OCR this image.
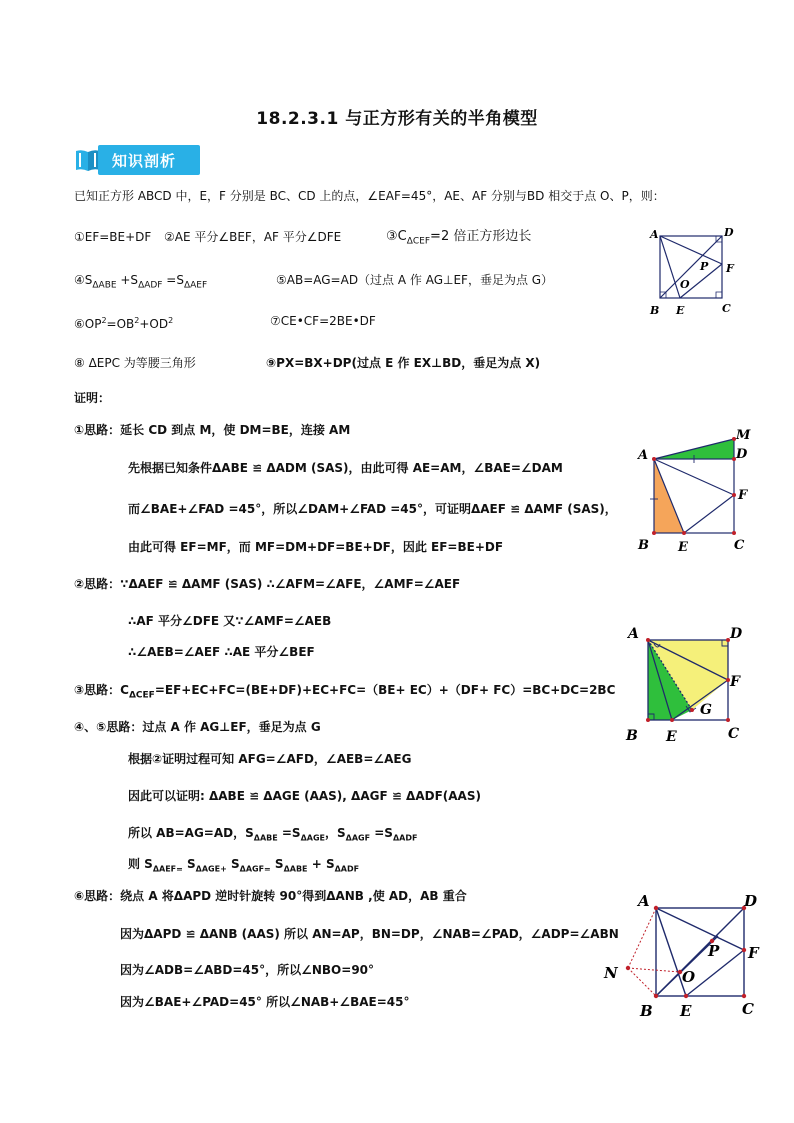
18.2.3.1 与正方形有关的半角模型
知识剖析
已知正方形 ABCD 中，E，F 分别是 BC、CD 上的点，∠EAF=45°，AE、AF 分别与BD 相交于点 O、P，则：
①EF=BE+DF ②AE 平分∠BEF，AF 平分∠DFE	$③C_{\Delta CEF}=2$ 倍正方形边长
$④S_{\Delta ABE} +S_{\Delta ADF} =S_{\Delta AEF}$	⑤AB=AG=AD（过点 A 作 AG⊥EF，垂足为点 G）
$⑥OP^2=OB^2+OD^2$	⑦CE•CF=2BE•DF
⑧ ΔEPC 为等腰三角形	⑨PX=BX+DP(过点 E 作 EX⊥BD，垂足为点 X)
证明：
①思路：延长 CD 到点 M，使 DM=BE，连接 AM
先根据已知条件ΔABE ≌ ΔADM (SAS)，由此可得 AE=AM，∠BAE=∠DAM
而∠BAE+∠FAD =45°，所以∠DAM+∠FAD =45°，可证明ΔAEF ≌ ΔAMF (SAS)，
由此可得 EF=MF，而 MF=DM+DF=BE+DF，因此 EF=BE+DF
②思路：∵ΔAEF ≌ ΔAMF (SAS) ∴∠AFM=∠AFE，∠AMF=∠AEF
∴AF 平分∠DFE 又∵∠AMF=∠AEB
∴∠AEB=∠AEF ∴AE 平分∠BEF
③思路：$C_{\Delta CEF}=EF+EC+FC=(BE+DF)+EC+FC=(BE+ EC)+(DF+ FC)=BC+DC=2BC$
④、⑤思路：过点 A 作 AG⊥EF，垂足为点 G
根据②证明过程可知 AFG=∠AFD，∠AEB=∠AEG
因此可以证明: ΔABE ≌ ΔAGE (AAS), ΔAGF ≌ ΔADF(AAS)
所以 AB=AG=AD，$S_{\Delta ABE} =S_{\Delta AGE}$，$S_{\Delta AGF} =S_{\Delta ADF}$
则 $S_{\Delta AEF=}$ $S_{\Delta AGE+}$ $S_{\Delta AGF=}$ $S_{\Delta ABE} + S_{\Delta ADF}$
⑥思路：绕点 A 将ΔAPD 逆时针旋转 90°得到ΔANB ,使 AD，AB 重合
因为ΔAPD ≌ ΔANB (AAS) 所以 AN=AP，BN=DP，∠NAB=∠PAD，∠ADP=∠ABN
因为∠ADB=∠ABD=45°，所以∠NBO=90°
因为∠BAE+∠PAD=45° 所以∠NAB+∠BAE=45°
A	D
F
P
O
B E	C
A
M
D
F
B E	C
A	D
F
G
B E	C
A	D
F
P
O
N
B E	C
